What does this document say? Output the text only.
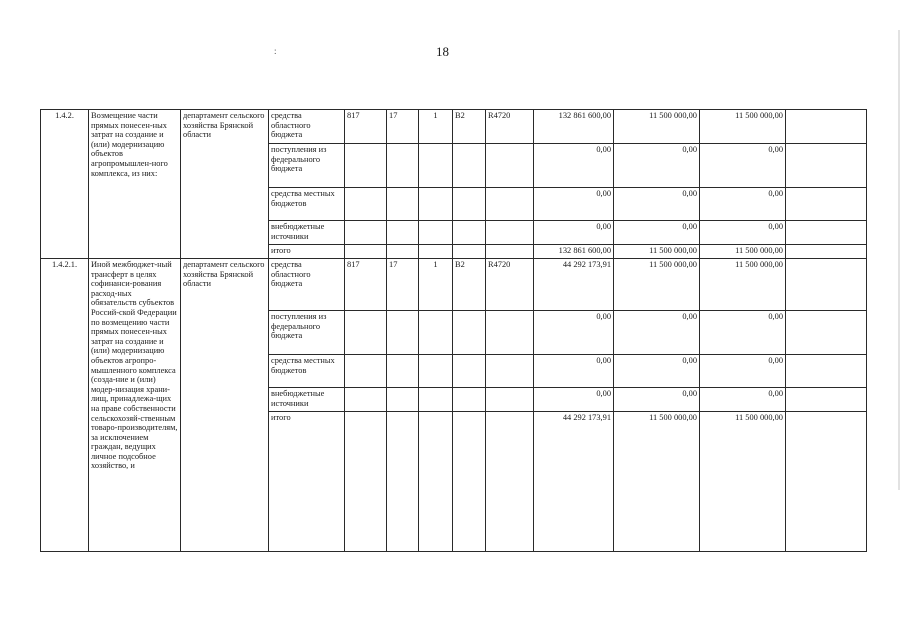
18
:
1.4.2.	Возмещение части прямых понесен-ных затрат на создание и (или) модернизацию объектов агропромышлен-ного комплекса, из них:	департамент сельского хозяйства Брянской области	средства областного бюджета	817	17	1	В2	R4720	132 861 600,00	11 500 000,00	11 500 000,00	
			поступления из федерального бюджета						0,00	0,00	0,00	
			средства местных бюджетов						0,00	0,00	0,00	
			внебюджетные источники						0,00	0,00	0,00	
			итого						132 861 600,00	11 500 000,00	11 500 000,00	
1.4.2.1.	Иной межбюджет-ный трансферт в целях софинанси-рования расход-ных обязательств субъектов Россий-ской Федерации по возмещению части прямых понесен-ных затрат на создание и (или) модернизацию объектов агропро-мышленного комплекса (созда-ние и (или) модер-низация храни-лищ, принадлежа-щих на праве собственности сельскохозяй-ственным товаро-производителям, за исключением граждан, ведущих личное подсобное хозяйство, и	департамент сельского хозяйства Брянской области	средства областного бюджета	817	17	1	В2	R4720	44 292 173,91	11 500 000,00	11 500 000,00	
			поступления из федерального бюджета						0,00	0,00	0,00	
			средства местных бюджетов						0,00	0,00	0,00	
			внебюджетные источники						0,00	0,00	0,00	
			итого						44 292 173,91	11 500 000,00	11 500 000,00	
